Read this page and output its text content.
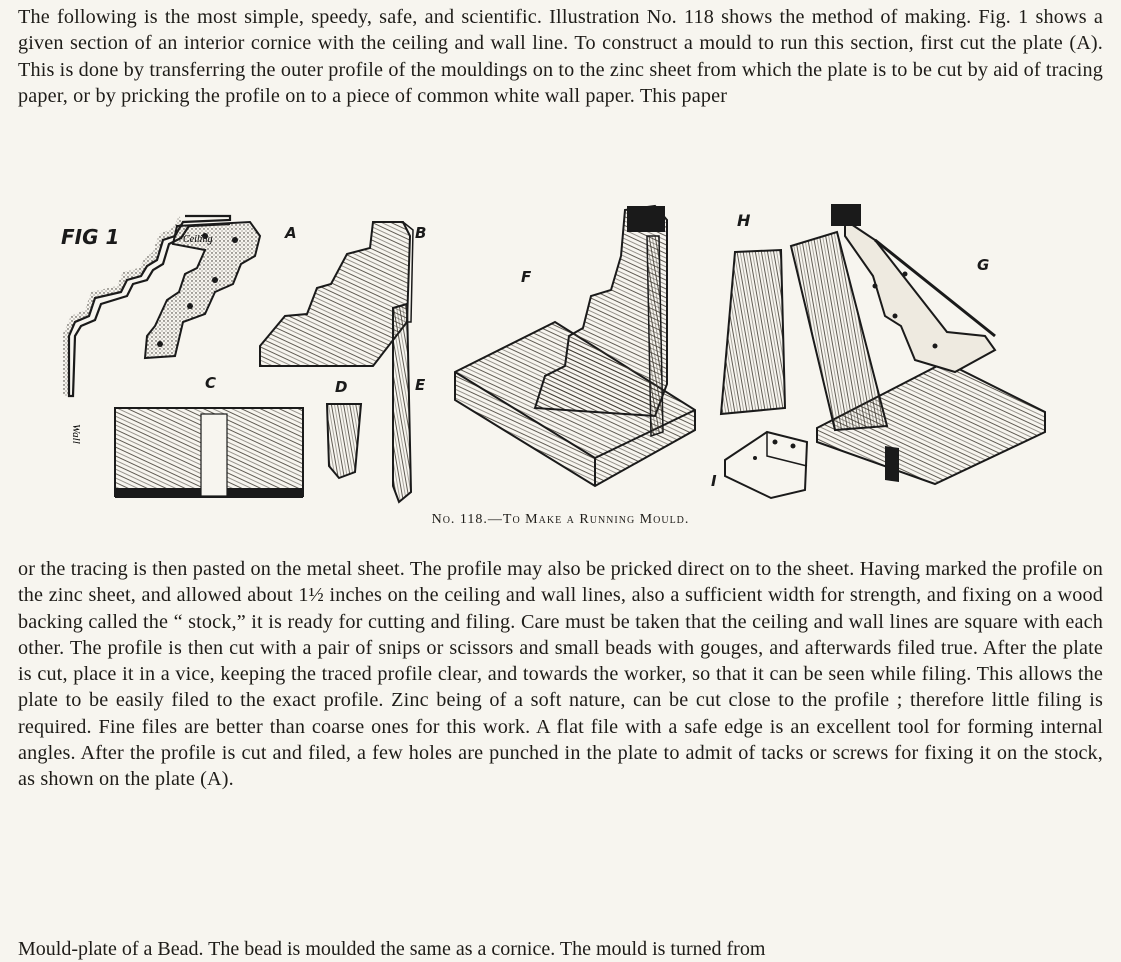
The following is the most simple, speedy, safe, and scientific. Illustration No. 118 shows the method of making. Fig. 1 shows a given section of an interior cornice with the ceiling and wall line. To construct a mould to run this section, first cut the plate (A). This is done by transferring the outer profile of the mouldings on to the zinc sheet from which the plate is to be cut by aid of tracing paper, or by pricking the profile on to a piece of common white wall paper. This paper

FIG 1
Wall
A	B
C	D	E
F
H
I
G
No. 118.—To Make a Running Mould.

or the tracing is then pasted on the metal sheet. The profile may also be pricked direct on to the sheet. Having marked the profile on the zinc sheet, and allowed about 1½ inches on the ceiling and wall lines, also a sufficient width for strength, and fixing on a wood backing called the “ stock,” it is ready for cutting and filing. Care must be taken that the ceiling and wall lines are square with each other. The profile is then cut with a pair of snips or scissors and small beads with gouges, and afterwards filed true. After the plate is cut, place it in a vice, keeping the traced profile clear, and towards the worker, so that it can be seen while filing. This allows the plate to be easily filed to the exact profile. Zinc being of a soft nature, can be cut close to the profile ; therefore little filing is required. Fine files are better than coarse ones for this work. A flat file with a safe edge is an excellent tool for forming internal angles. After the profile is cut and filed, a few holes are punched in the plate to admit of tacks or screws for fixing it on the stock, as shown on the plate (A).

Mould-plate of a Bead. The bead is moulded the same as a cornice. The mould is turned from
